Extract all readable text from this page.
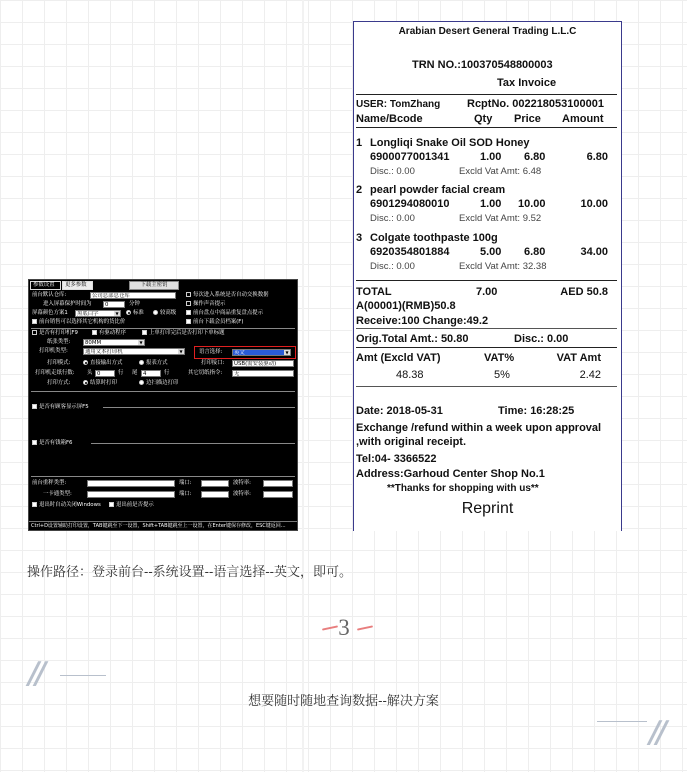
参数设置	更多参数	下载主密钥
前台默认仓库:	公司总部总仓库	每次进入系统是否自动交换数据
进入屏幕保护时间为	0	分钟	操作声音提示
屏幕颜色方案1	黑底白字	▼	标准	较高级	前台盘点中商品重复盘点提示
前台销售可以选择其它机构的货比价	前台下载会员档案(F)
是否有打印机F9	有驱动程序	上单打印完后是否打印下单标题
纸张类型:	80MM	▼
打印机类型:	通用文本打印机	▼	语言选择:	英文	▼
打印模式:	直接输出方式	报表方式	打印接口:	USB(需安装驱动)
打印机走纸行数: 头 0	行 尾	4	行	其它切纸指令:	无
打印方式:	结算时打印	边扫描边打印
是否有顾客显示屏F5
是否有钱箱F6
前台重秤类型:	端口:	波特率:
一卡通类型:	端口:	波特率:
退出时自动关闭Windows	退出前是否提示
Ctrl+D设置辅助打印设置，TAB键跳至下一设置，Shift+TAB键跳至上一设置，在Enter键保存修改，ESC键返回...
Arabian Desert General Trading L.L.C
TRN NO.:100370548800003
Tax Invoice
USER: TomZhang RcptNo. 002218053100001
Name/Bcode	Qty Price Amount
1 Longliqi Snake Oil SOD Honey
6900077001341	1.00 6.80	6.80
Disc.: 0.00	Excld Vat Amt: 6.48
2 pearl powder facial cream
6901294080010	1.00 10.00	10.00
Disc.: 0.00	Excld Vat Amt: 9.52
3 Colgate toothpaste 100g
6920354801884	5.00 6.80	34.00
Disc.: 0.00	Excld Vat Amt: 32.38
TOTAL	7.00	AED 50.8
A(00001)(RMB)50.8
Receive:100 Change:49.2
Orig.Total Amt.: 50.80	Disc.: 0.00
Amt (Excld VAT)	VAT%	VAT Amt
48.38	5%	2.42
Date: 2018-05-31	Time: 16:28:25
Exchange /refund within a week upon approval
,with original receipt.
Tel:04- 3366522
Address:Garhoud Center Shop No.1
**Thanks for shopping with us**
Reprint
操作路径：登录前台--系统设置--语言选择--英文，即可。
3
//
想要随时随地查询数据--解决方案
//
